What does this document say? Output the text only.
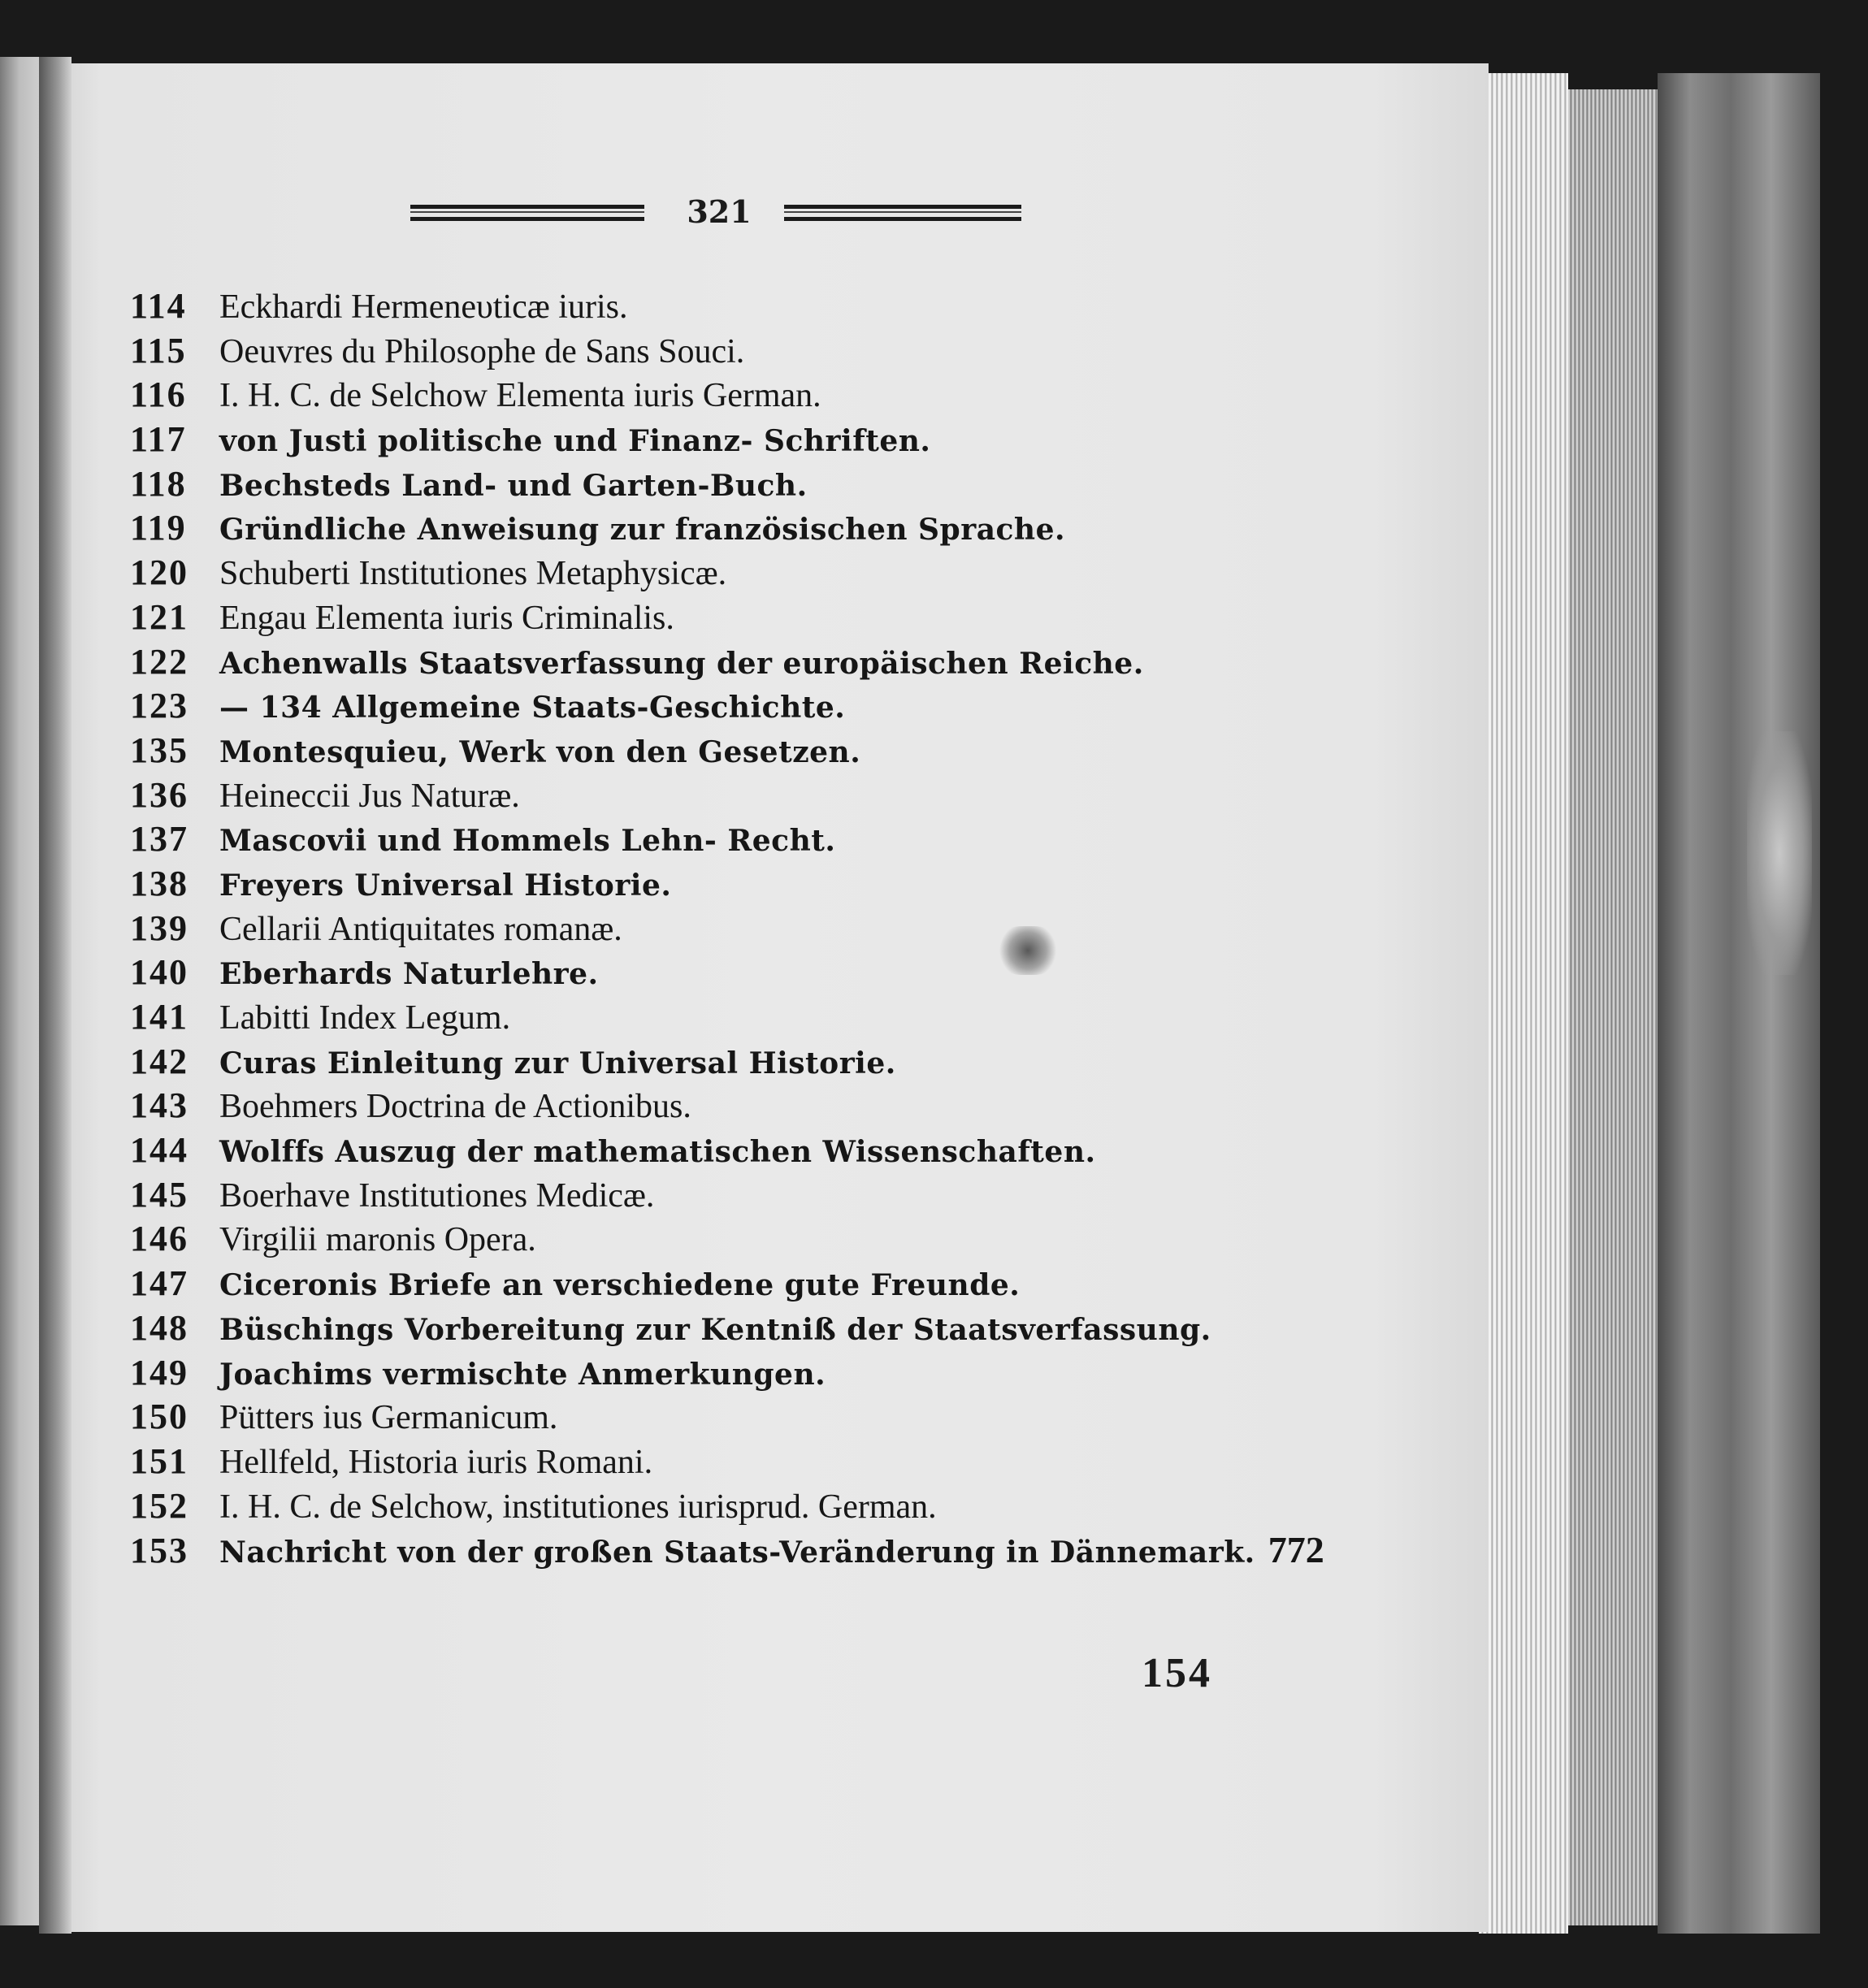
321
114 Eckhardi Hermeneυticæ iuris.
115 Oeuvres du Philosophe de Sans Souci.
116 I. H. C. de Selchow Elementa iuris German.
117 von Justi politische und Finanz- Schriften.
118 Bechsteds Land- und Garten-Buch.
119 Gründliche Anweisung zur französischen Sprache.
120 Schuberti Institutiones Metaphysicæ.
121 Engau Elementa iuris Criminalis.
122 Achenwalls Staatsverfassung der europäischen Reiche.
123 — 134 Allgemeine Staats-Geschichte.
135 Montesquieu, Werk von den Gesetzen.
136 Heineccii Jus Naturæ.
137 Mascovii und Hommels Lehn- Recht.
138 Freyers Universal Historie.
139 Cellarii Antiquitates romanæ.
140 Eberhards Naturlehre.
141 Labitti Index Legum.
142 Curas Einleitung zur Universal Historie.
143 Boehmers Doctrina de Actionibus.
144 Wolffs Auszug der mathematischen Wissenschaften.
145 Boerhave Institutiones Medicæ.
146 Virgilii maronis Opera.
147 Ciceronis Briefe an verschiedene gute Freunde.
148 Büschings Vorbereitung zur Kentniß der Staatsverfassung.
149 Joachims vermischte Anmerkungen.
150 Pütters ius Germanicum.
151 Hellfeld, Historia iuris Romani.
152 I. H. C. de Selchow, institutiones iurisprud. German.
153 Nachricht von der großen Staats-Veränderung in Dännemark. 772
154
